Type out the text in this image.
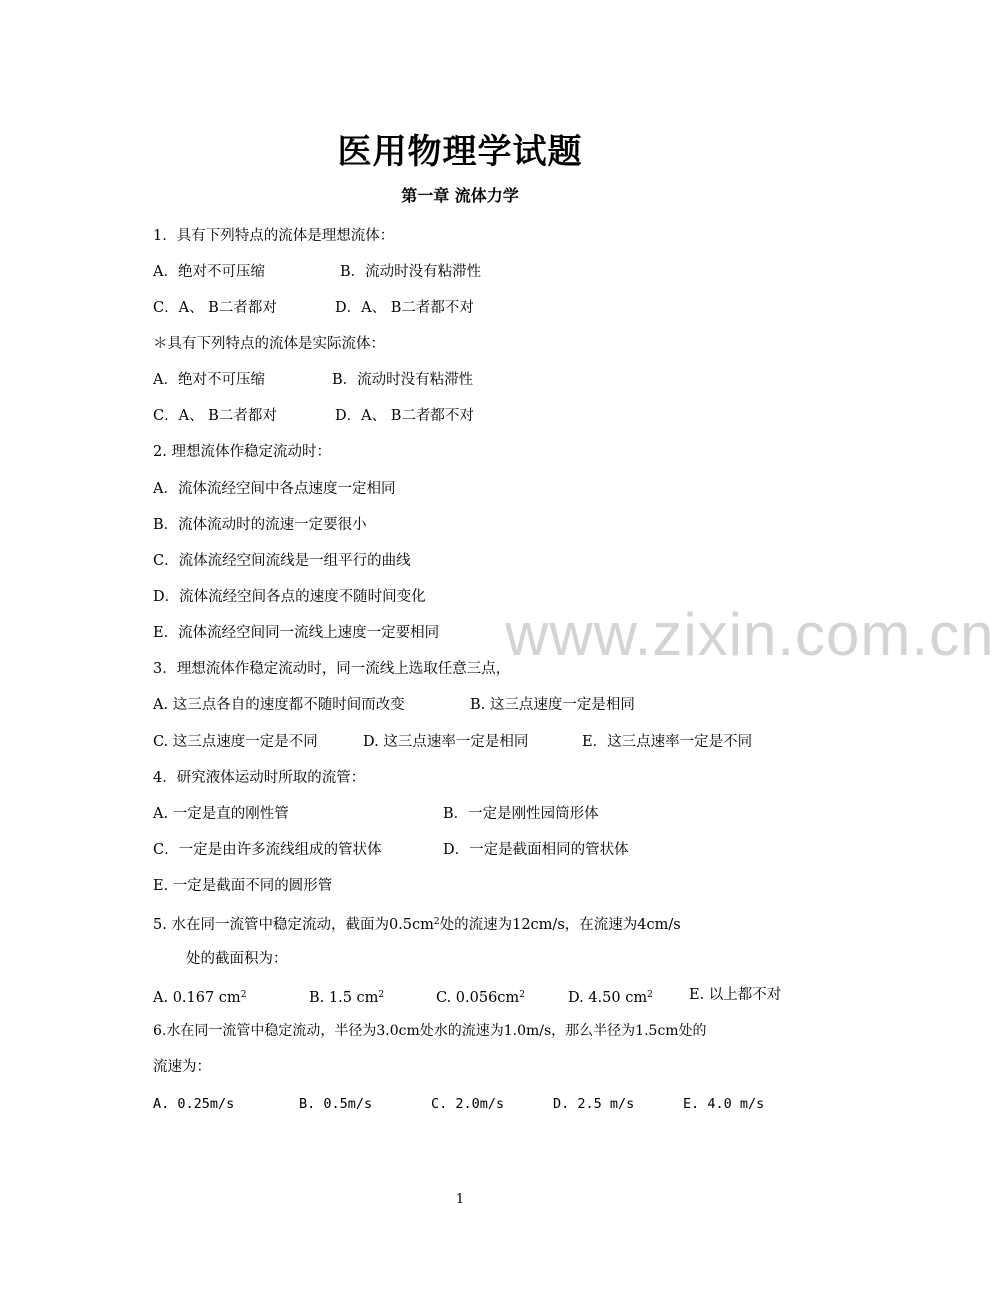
www.zixin.com.cn
医用物理学试题
第一章 流体力学
1．具有下列特点的流体是理想流体：
A．绝对不可压缩	B．流动时没有粘滞性
C．A、 B二者都对	D．A、 B二者都不对
＊具有下列特点的流体是实际流体：
A．绝对不可压缩	B．流动时没有粘滞性
C．A、 B二者都对	D．A、 B二者都不对
2. 理想流体作稳定流动时：
A．流体流经空间中各点速度一定相同
B．流体流动时的流速一定要很小
C．流体流经空间流线是一组平行的曲线
D．流体流经空间各点的速度不随时间变化
E．流体流经空间同一流线上速度一定要相同
3．理想流体作稳定流动时，同一流线上选取任意三点，
A. 这三点各自的速度都不随时间而改变	B. 这三点速度一定是相同
C. 这三点速度一定是不同	D. 这三点速率一定是相同	E．这三点速率一定是不同
4．研究液体运动时所取的流管：
A. 一定是直的刚性管	B．一定是刚性园筒形体
C．一定是由许多流线组成的管状体	D．一定是截面相同的管状体
E. 一定是截面不同的圆形管
5. 水在同一流管中稳定流动，截面为$0.5cm^2$处的流速为12cm/s，在流速为4cm/s
处的截面积为：
A. 0.167 $cm^2$	B. 1.5 $cm^2$	C. $0.056cm^2$	D. 4.50 $cm^2$ E. 以上都不对
6.水在同一流管中稳定流动，半径为3.0cm处水的流速为1.0m/s，那么半径为1.5cm处的
流速为：
A. 0.25m/s	B. 0.5m/s	C. 2.0m/s	D. 2.5 m/s	E. 4.0 m/s
1
